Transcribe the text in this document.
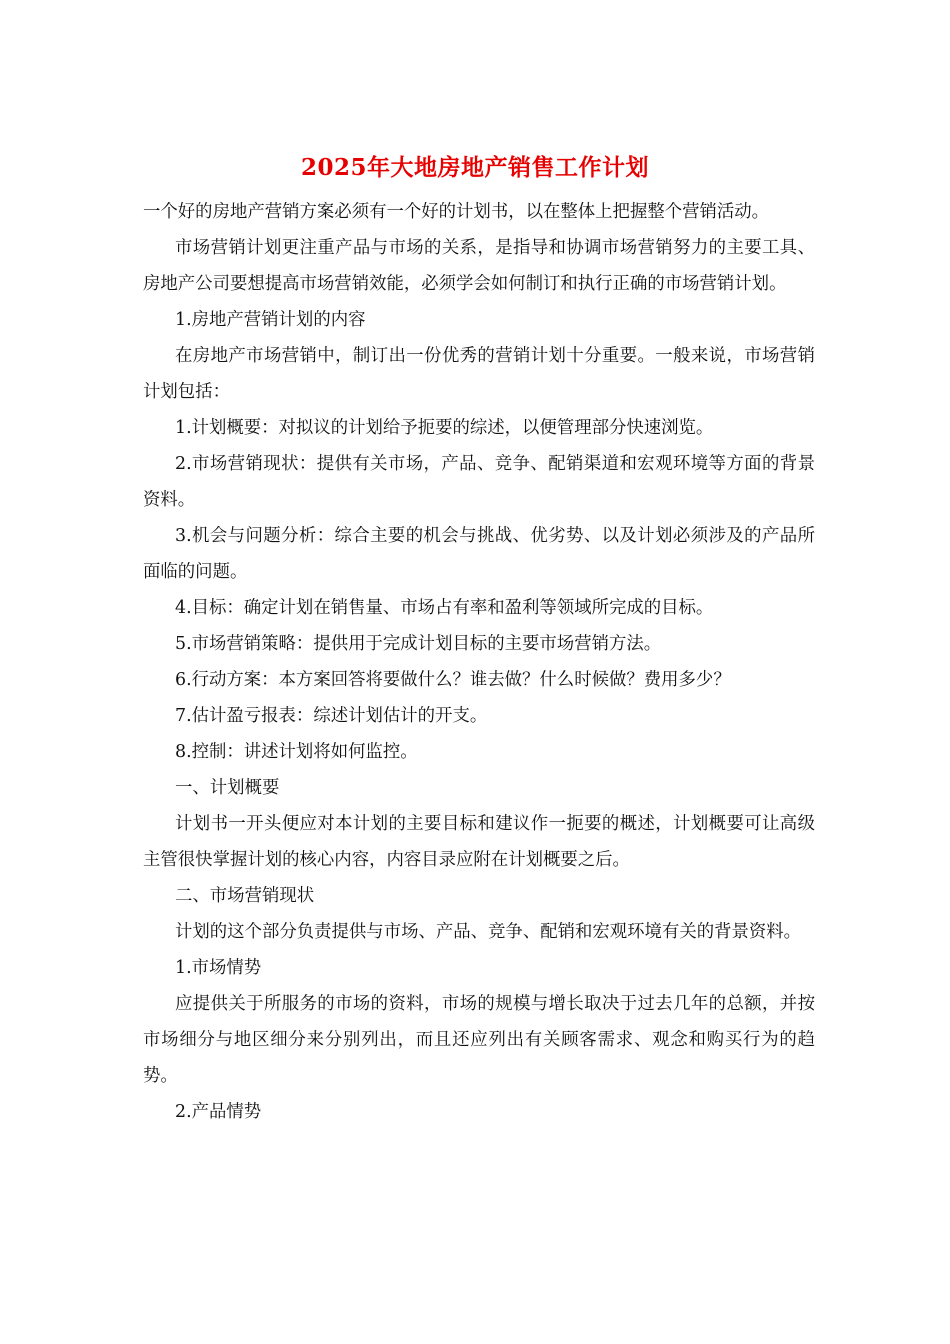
2025年大地房地产销售工作计划

一个好的房地产营销方案必须有一个好的计划书，以在整体上把握整个营销活动。

市场营销计划更注重产品与市场的关系，是指导和协调市场营销努力的主要工具、房地产公司要想提高市场营销效能，必须学会如何制订和执行正确的市场营销计划。

1.房地产营销计划的内容

在房地产市场营销中，制订出一份优秀的营销计划十分重要。一般来说，市场营销计划包括：

1.计划概要：对拟议的计划给予扼要的综述，以便管理部分快速浏览。

2.市场营销现状：提供有关市场，产品、竞争、配销渠道和宏观环境等方面的背景资料。

3.机会与问题分析：综合主要的机会与挑战、优劣势、以及计划必须涉及的产品所面临的问题。

4.目标：确定计划在销售量、市场占有率和盈利等领域所完成的目标。

5.市场营销策略：提供用于完成计划目标的主要市场营销方法。

6.行动方案：本方案回答将要做什么？谁去做？什么时候做？费用多少？

7.估计盈亏报表：综述计划估计的开支。

8.控制：讲述计划将如何监控。

一、计划概要

计划书一开头便应对本计划的主要目标和建议作一扼要的概述，计划概要可让高级主管很快掌握计划的核心内容，内容目录应附在计划概要之后。

二、市场营销现状

计划的这个部分负责提供与市场、产品、竞争、配销和宏观环境有关的背景资料。

1.市场情势

应提供关于所服务的市场的资料，市场的规模与增长取决于过去几年的总额，并按市场细分与地区细分来分别列出，而且还应列出有关顾客需求、观念和购买行为的趋势。

2.产品情势
